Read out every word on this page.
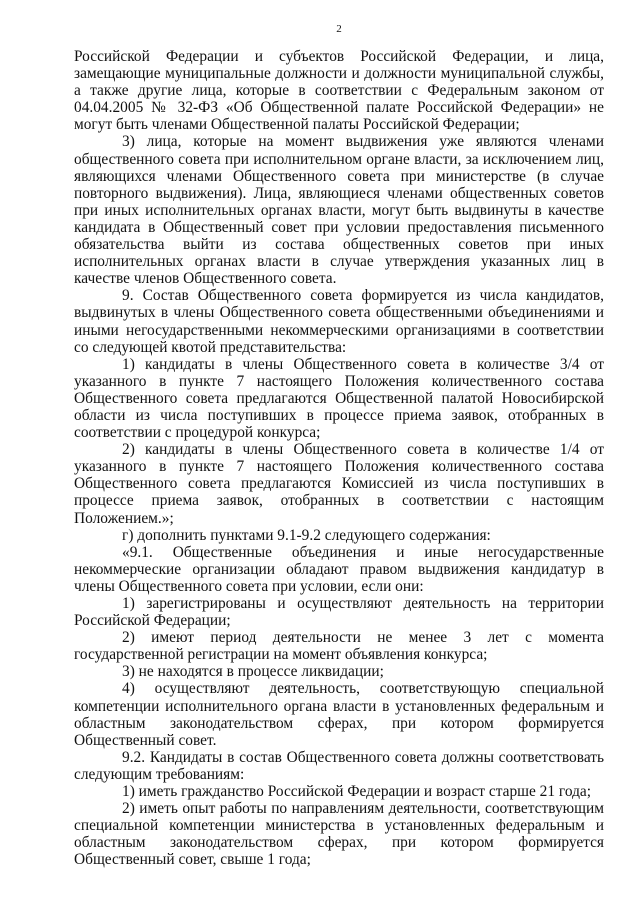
2

Российской Федерации и субъектов Российской Федерации, и лица, замещающие муниципальные должности и должности муниципальной службы, а также другие лица, которые в соответствии с Федеральным законом от 04.04.2005 № 32-ФЗ «Об Общественной палате Российской Федерации» не могут быть членами Общественной палаты Российской Федерации;

3) лица, которые на момент выдвижения уже являются членами общественного совета при исполнительном органе власти, за исключением лиц, являющихся членами Общественного совета при министерстве (в случае повторного выдвижения). Лица, являющиеся членами общественных советов при иных исполнительных органах власти, могут быть выдвинуты в качестве кандидата в Общественный совет при условии предоставления письменного обязательства выйти из состава общественных советов при иных исполнительных органах власти в случае утверждения указанных лиц в качестве членов Общественного совета.

9. Состав Общественного совета формируется из числа кандидатов, выдвинутых в члены Общественного совета общественными объединениями и иными негосударственными некоммерческими организациями в соответствии со следующей квотой представительства:

1) кандидаты в члены Общественного совета в количестве 3/4 от указанного в пункте 7 настоящего Положения количественного состава Общественного совета предлагаются Общественной палатой Новосибирской области из числа поступивших в процессе приема заявок, отобранных в соответствии с процедурой конкурса;

2) кандидаты в члены Общественного совета в количестве 1/4 от указанного в пункте 7 настоящего Положения количественного состава Общественного совета предлагаются Комиссией из числа поступивших в процессе приема заявок, отобранных в соответствии с настоящим Положением.»;

г) дополнить пунктами 9.1-9.2 следующего содержания:

«9.1. Общественные объединения и иные негосударственные некоммерческие организации обладают правом выдвижения кандидатур в члены Общественного совета при условии, если они:

1) зарегистрированы и осуществляют деятельность на территории Российской Федерации;

2) имеют период деятельности не менее 3 лет с момента государственной регистрации на момент объявления конкурса;

3) не находятся в процессе ликвидации;

4) осуществляют деятельность, соответствующую специальной компетенции исполнительного органа власти в установленных федеральным и областным законодательством сферах, при котором формируется Общественный совет.

9.2. Кандидаты в состав Общественного совета должны соответствовать следующим требованиям:

1) иметь гражданство Российской Федерации и возраст старше 21 года;

2) иметь опыт работы по направлениям деятельности, соответствующим специальной компетенции министерства в установленных федеральным и областным законодательством сферах, при котором формируется Общественный совет, свыше 1 года;
